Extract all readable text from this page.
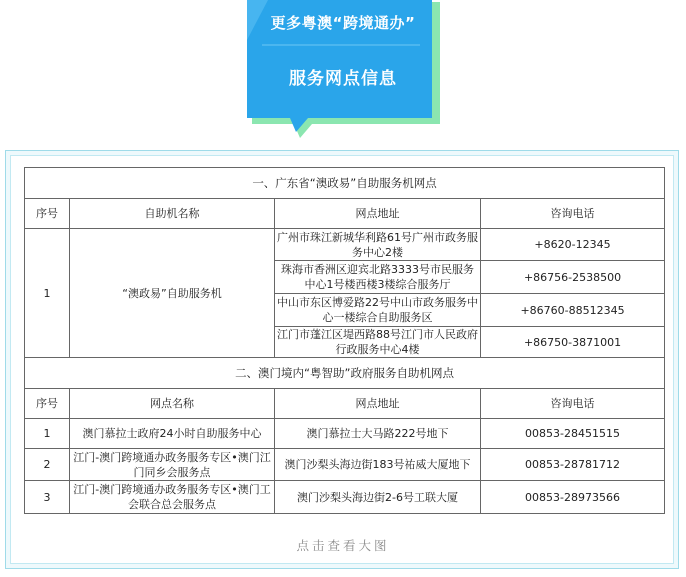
更多粤澳“跨境通办”
服务网点信息
一、广东省“澳政易”自助服务机网点			
序号	自助机名称	网点地址	咨询电话
1	“澳政易”自助服务机	广州市珠江新城华利路61号广州市政务服务中心2楼	+8620-12345
		珠海市香洲区迎宾北路3333号市民服务中心1号楼西楼3楼综合服务厅	+86756-2538500
		中山市东区博爱路22号中山市政务服务中心一楼综合自助服务区	+86760-88512345
		江门市蓬江区堤西路88号江门市人民政府行政服务中心4楼	+86750-3871001
二、澳门境内“粤智助”政府服务自助机网点			
序号	网点名称	网点地址	咨询电话
1	澳门慕拉士政府24小时自助服务中心	澳门慕拉士大马路222号地下	00853-28451515
2	江门-澳门跨境通办政务服务专区•澳门江门同乡会服务点	澳门沙梨头海边街183号祐威大厦地下	00853-28781712
3	江门-澳门跨境通办政务服务专区•澳门工会联合总会服务点	澳门沙梨头海边街2-6号工联大厦	00853-28973566
点击查看大图
